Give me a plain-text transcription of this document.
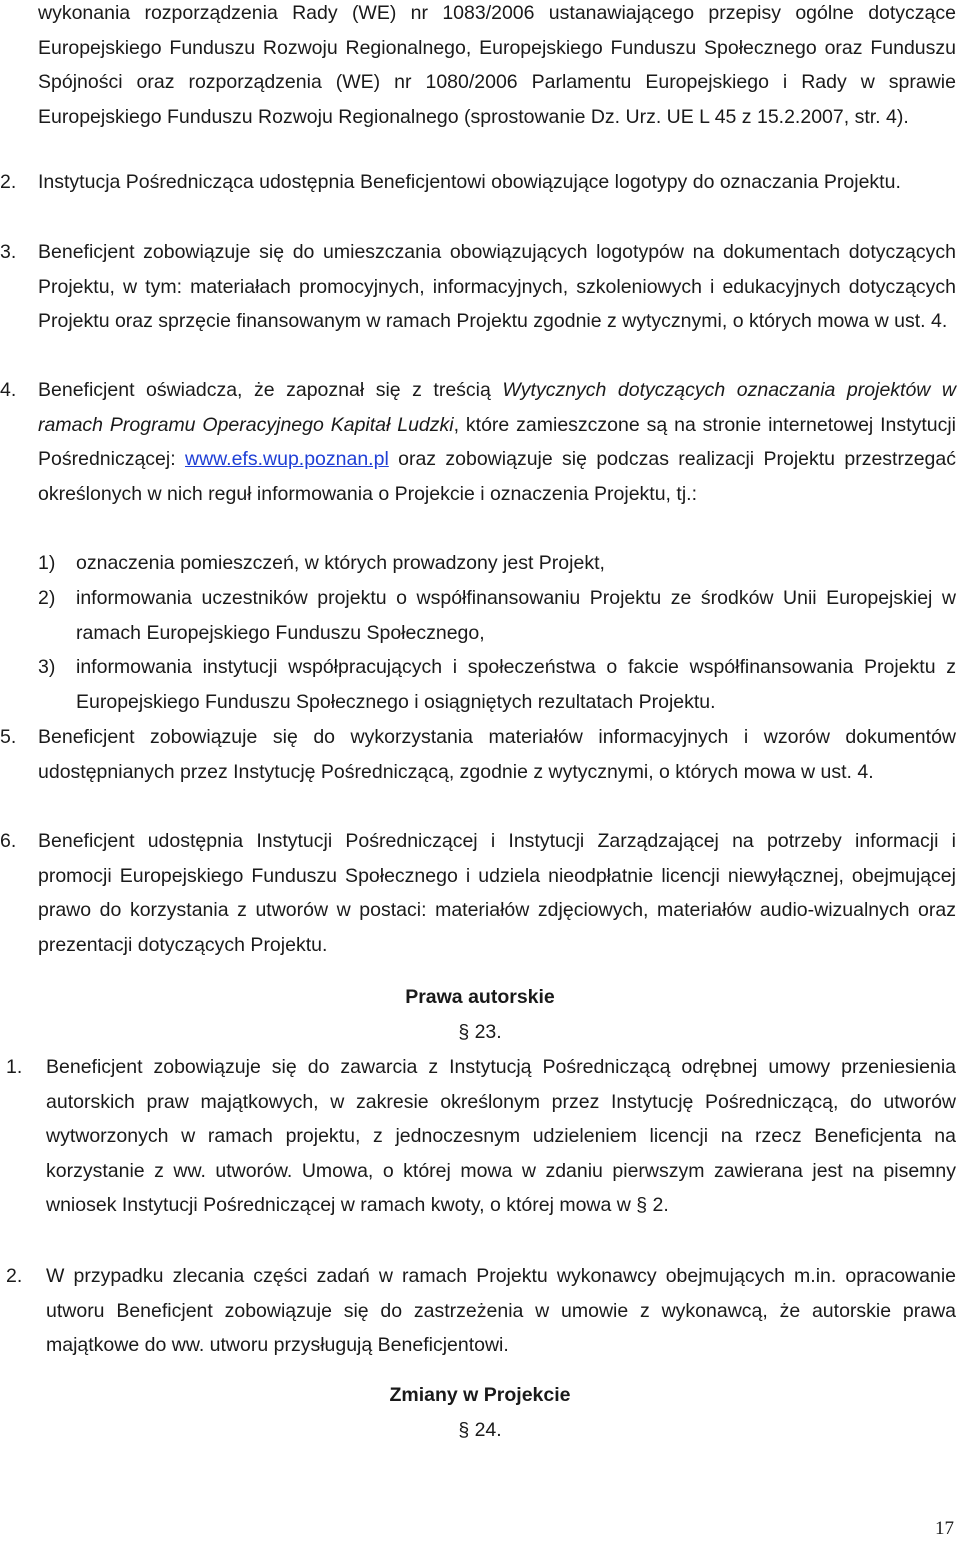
wykonania rozporządzenia Rady (WE) nr 1083/2006 ustanawiającego przepisy ogólne dotyczące Europejskiego Funduszu Rozwoju Regionalnego, Europejskiego Funduszu Społecznego oraz Funduszu Spójności oraz rozporządzenia (WE) nr 1080/2006 Parlamentu Europejskiego i Rady w sprawie Europejskiego Funduszu Rozwoju Regionalnego (sprostowanie Dz. Urz. UE L 45 z 15.2.2007, str. 4).
2.	Instytucja Pośrednicząca udostępnia Beneficjentowi obowiązujące logotypy do oznaczania Projektu.
3.	Beneficjent zobowiązuje się do umieszczania obowiązujących logotypów na dokumentach dotyczących Projektu, w tym: materiałach promocyjnych, informacyjnych, szkoleniowych i edukacyjnych dotyczących Projektu oraz sprzęcie finansowanym w ramach Projektu zgodnie z wytycznymi, o których mowa w ust. 4.
4.	Beneficjent oświadcza, że zapoznał się z treścią Wytycznych dotyczących oznaczania projektów w ramach Programu Operacyjnego Kapitał Ludzki, które zamieszczone są na stronie internetowej Instytucji Pośredniczącej: www.efs.wup.poznan.pl oraz zobowiązuje się podczas realizacji Projektu przestrzegać określonych w nich reguł informowania o Projekcie i oznaczenia Projektu, tj.:
1) oznaczenia pomieszczeń, w których prowadzony jest Projekt,
2) informowania uczestników projektu o współfinansowaniu Projektu ze środków Unii Europejskiej w ramach Europejskiego Funduszu Społecznego,
3) informowania instytucji współpracujących i społeczeństwa o fakcie współfinansowania Projektu z Europejskiego Funduszu Społecznego i osiągniętych rezultatach Projektu.
5.	Beneficjent zobowiązuje się do wykorzystania materiałów informacyjnych i wzorów dokumentów udostępnianych przez Instytucję Pośredniczącą, zgodnie z wytycznymi, o których mowa w ust. 4.
6.	Beneficjent udostępnia Instytucji Pośredniczącej i Instytucji Zarządzającej na potrzeby informacji i promocji Europejskiego Funduszu Społecznego i udziela nieodpłatnie licencji niewyłącznej, obejmującej prawo do korzystania z utworów w postaci: materiałów zdjęciowych, materiałów audio-wizualnych oraz prezentacji dotyczących Projektu.
Prawa autorskie
§ 23.
1.	Beneficjent zobowiązuje się do zawarcia z Instytucją Pośredniczącą odrębnej umowy przeniesienia autorskich praw majątkowych, w zakresie określonym przez Instytucję Pośredniczącą, do utworów wytworzonych w ramach projektu, z jednoczesnym udzieleniem licencji na rzecz Beneficjenta na korzystanie z ww. utworów. Umowa, o której mowa w zdaniu pierwszym zawierana jest na pisemny wniosek Instytucji Pośredniczącej w ramach kwoty, o której mowa w § 2.
2.	W przypadku zlecania części zadań w ramach Projektu wykonawcy obejmujących m.in. opracowanie utworu Beneficjent zobowiązuje się do zastrzeżenia w umowie z wykonawcą, że autorskie prawa majątkowe do ww. utworu przysługują Beneficjentowi.
Zmiany w Projekcie
§ 24.
17
